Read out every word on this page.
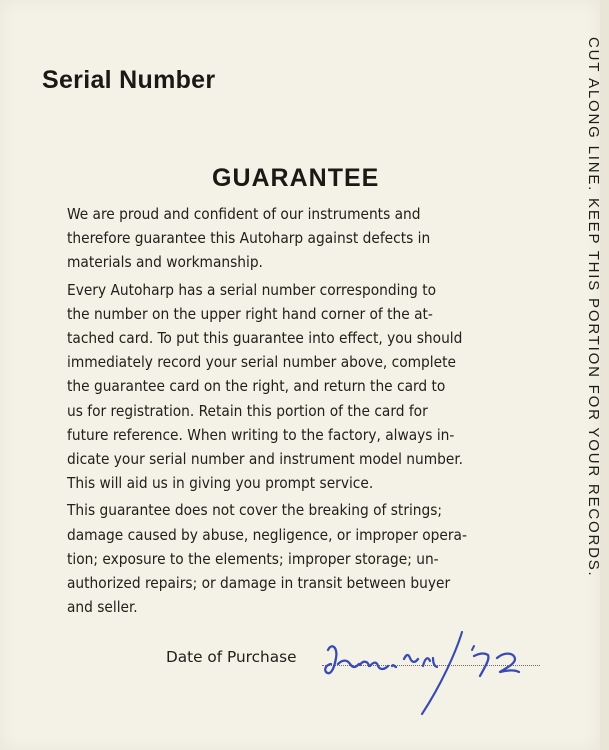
Serial Number
GUARANTEE

We are proud and confident of our instruments and
therefore guarantee this Autoharp against defects in
materials and workmanship.

Every Autoharp has a serial number corresponding to
the number on the upper right hand corner of the at-
tached card. To put this guarantee into effect, you should
immediately record your serial number above, complete
the guarantee card on the right, and return the card to
us for registration. Retain this portion of the card for
future reference. When writing to the factory, always in-
dicate your serial number and instrument model number.
This will aid us in giving you prompt service.

This guarantee does not cover the breaking of strings;
damage caused by abuse, negligence, or improper opera-
tion; exposure to the elements; improper storage; un-
authorized repairs; or damage in transit between buyer
and seller.

Date of Purchase
CUT ALONG LINE. KEEP THIS PORTION FOR YOUR RECORDS.
